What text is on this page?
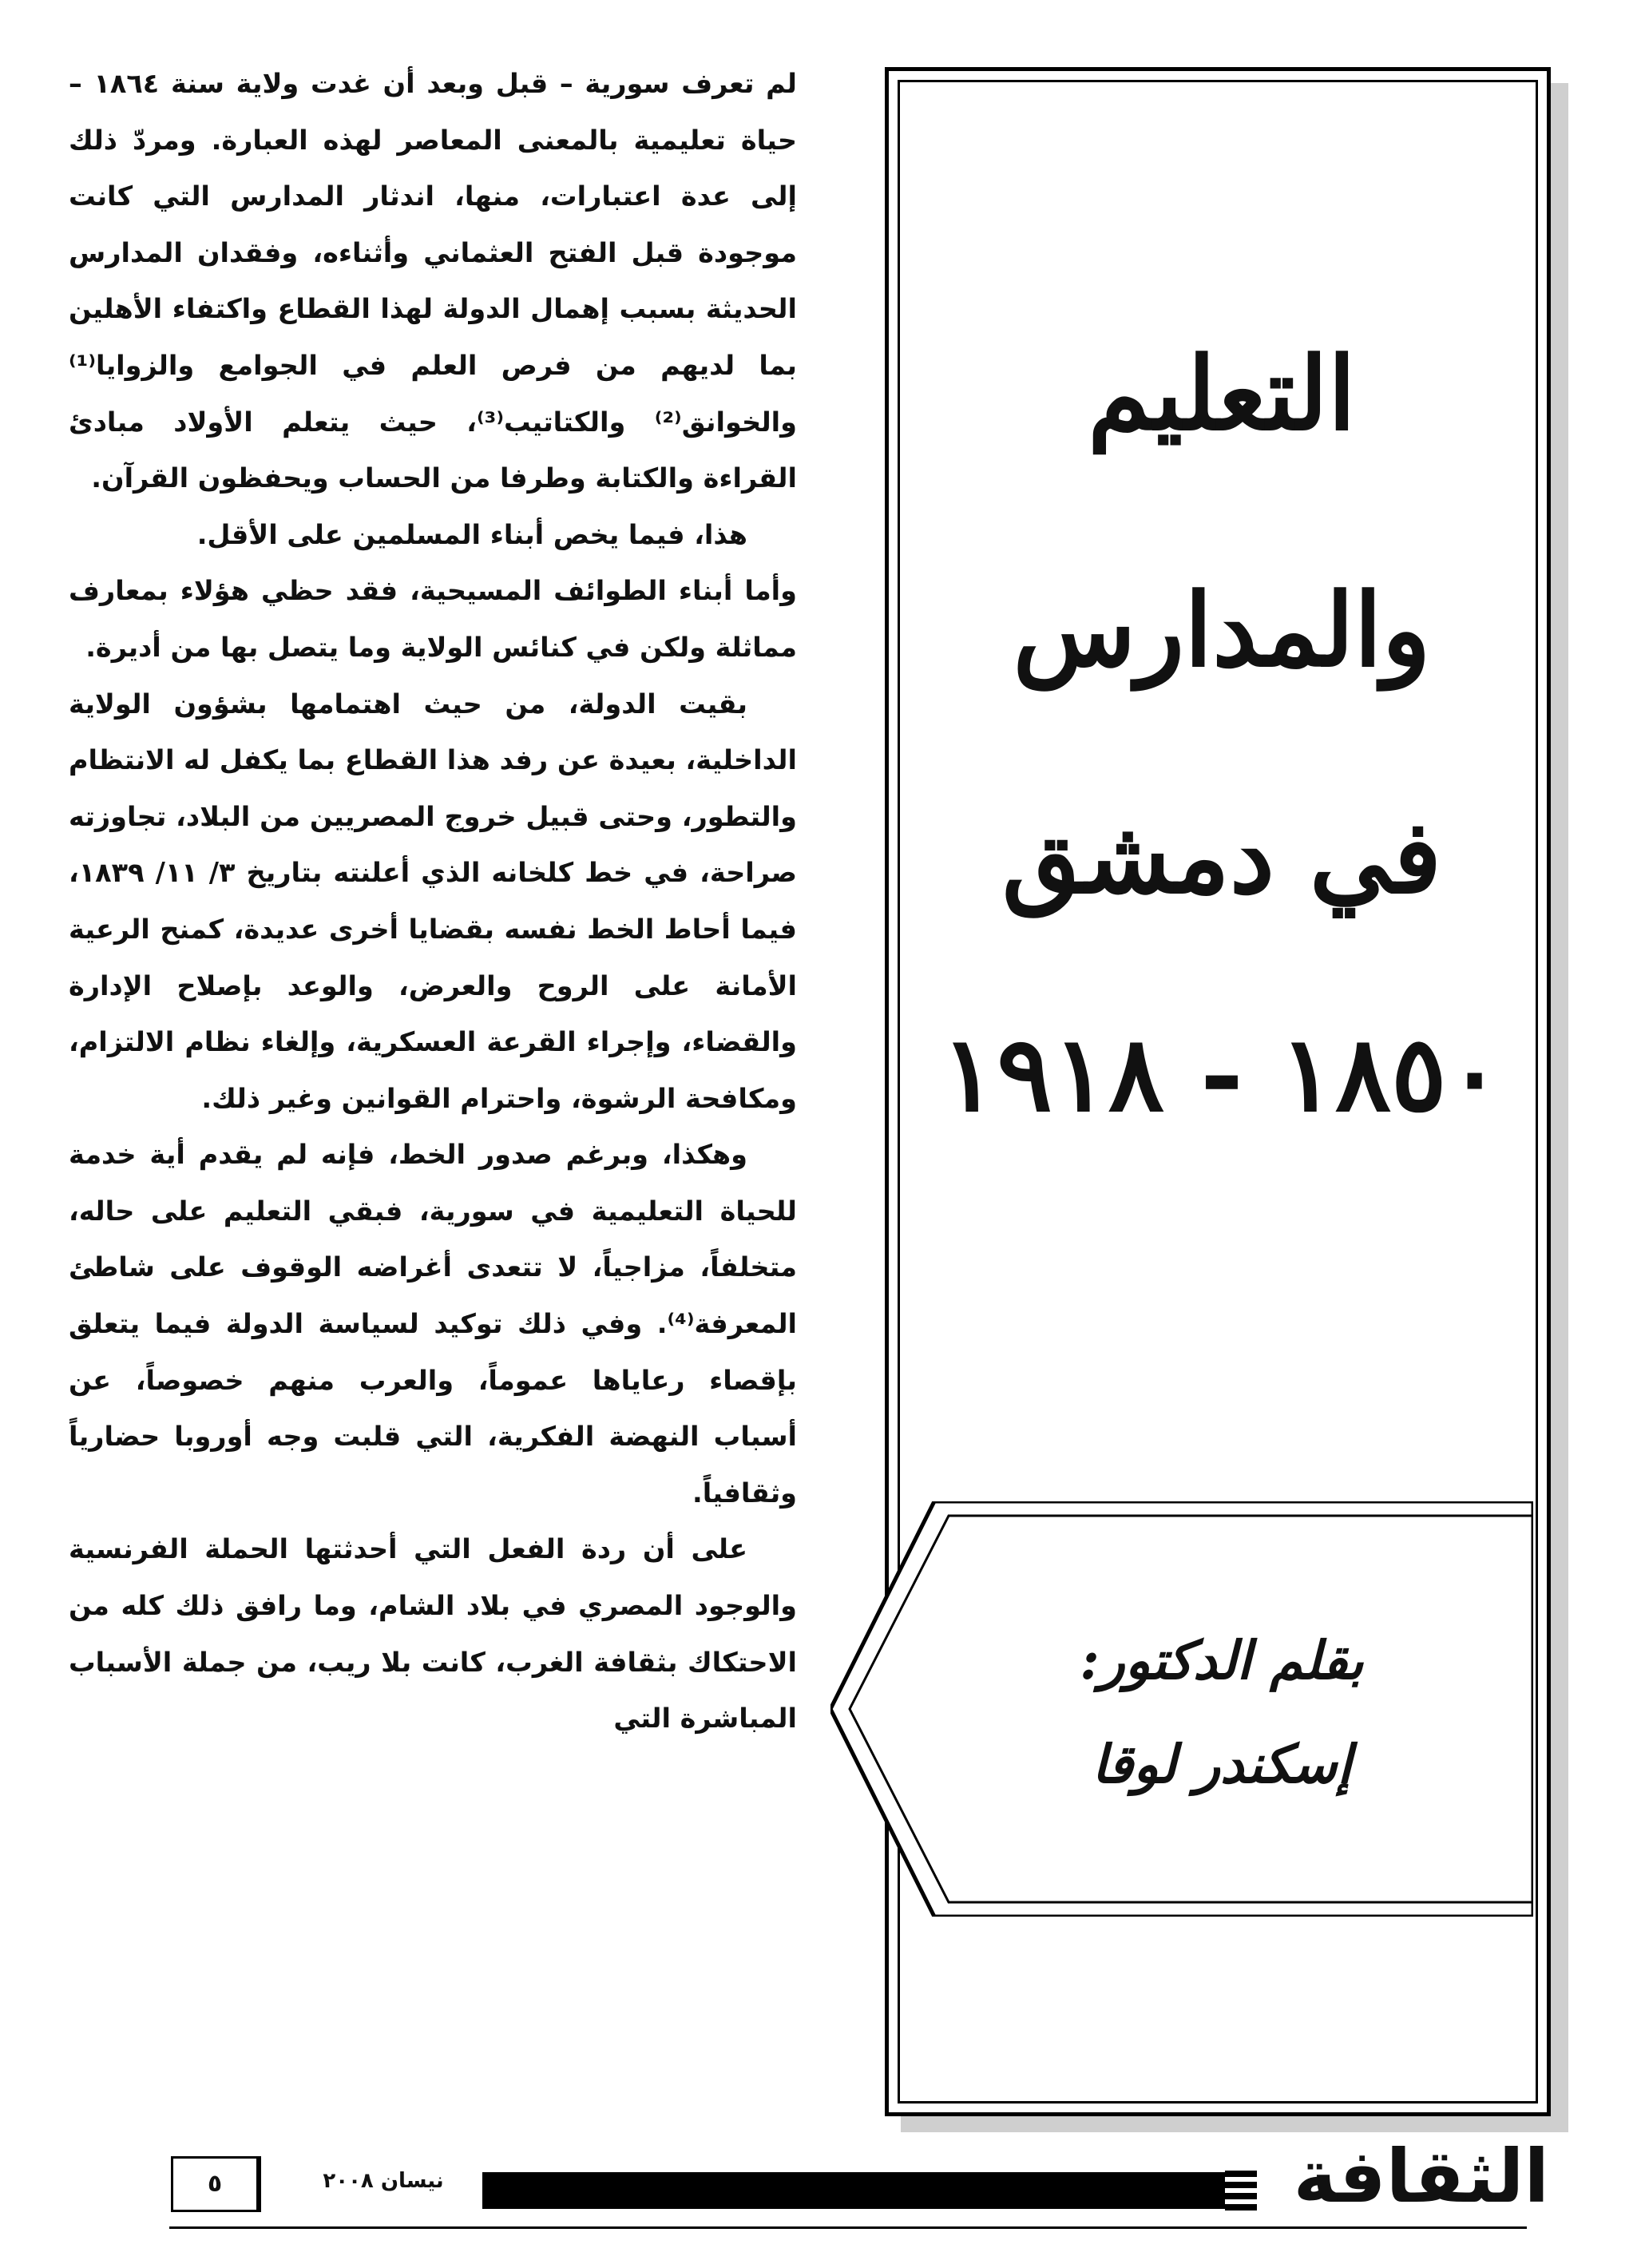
لم تعرف سورية – قبل وبعد أن غدت ولاية سنة ١٨٦٤ – حياة تعليمية بالمعنى المعاصر لهذه العبارة. ومردّ ذلك إلى عدة اعتبارات، منها، اندثار المدارس التي كانت موجودة قبل الفتح العثماني وأثناءه، وفقدان المدارس الحديثة بسبب إهمال الدولة لهذا القطاع واكتفاء الأهلين بما لديهم من فرص العلم في الجوامع والزوايا⁽¹⁾ والخوانق⁽²⁾ والكتاتيب⁽³⁾، حيث يتعلم الأولاد مبادئ القراءة والكتابة وطرفا من الحساب ويحفظون القرآن.

هذا، فيما يخص أبناء المسلمين على الأقل.

وأما أبناء الطوائف المسيحية، فقد حظي هؤلاء بمعارف مماثلة ولكن في كنائس الولاية وما يتصل بها من أديرة.

بقيت الدولة، من حيث اهتمامها بشؤون الولاية الداخلية، بعيدة عن رفد هذا القطاع بما يكفل له الانتظام والتطور، وحتى قبيل خروج المصريين من البلاد، تجاوزته صراحة، في خط كلخانه الذي أعلنته بتاريخ ٣/ ١١/ ١٨٣٩، فيما أحاط الخط نفسه بقضايا أخرى عديدة، كمنح الرعية الأمانة على الروح والعرض، والوعد بإصلاح الإدارة والقضاء، وإجراء القرعة العسكرية، وإلغاء نظام الالتزام، ومكافحة الرشوة، واحترام القوانين وغير ذلك.

وهكذا، وبرغم صدور الخط، فإنه لم يقدم أية خدمة للحياة التعليمية في سورية، فبقي التعليم على حاله، متخلفاً، مزاجياً، لا تتعدى أغراضه الوقوف على شاطئ المعرفة⁽⁴⁾. وفي ذلك توكيد لسياسة الدولة فيما يتعلق بإقصاء رعاياها عموماً، والعرب منهم خصوصاً، عن أسباب النهضة الفكرية، التي قلبت وجه أوروبا حضارياً وثقافياً.

على أن ردة الفعل التي أحدثتها الحملة الفرنسية والوجود المصري في بلاد الشام، وما رافق ذلك كله من الاحتكاك بثقافة الغرب، كانت بلا ريب، من جملة الأسباب المباشرة التي

التعليم
والمدارس
في دمشق
١٨٥٠ - ١٩١٨

بقلم الدكتور:

إسكندر لوقا

نيسان ٢٠٠٨
٥	الثقافة
